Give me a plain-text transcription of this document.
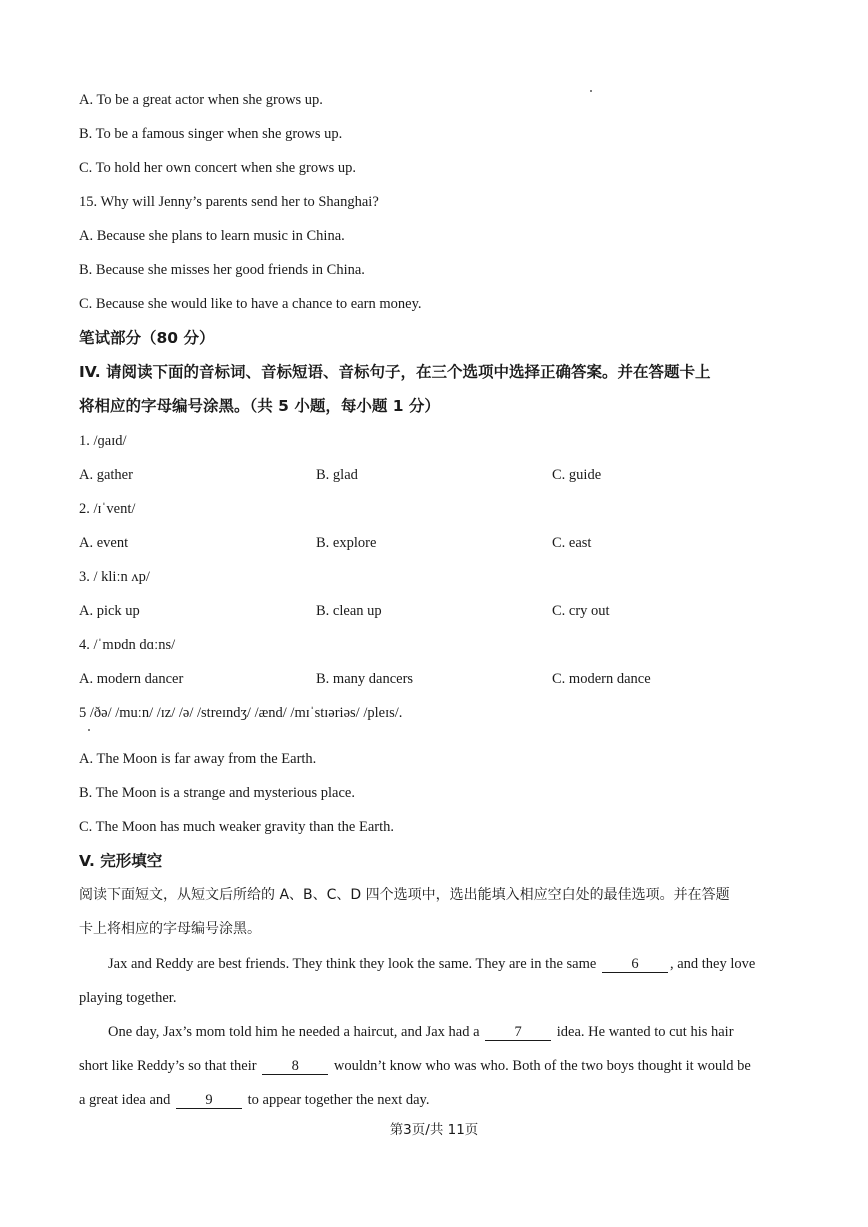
A. To be a great actor when she grows up.
B. To be a famous singer when she grows up.
C. To hold her own concert when she grows up.
15. Why will Jenny’s parents send her to Shanghai?
A. Because she plans to learn music in China.
B. Because she misses her good friends in China.
C. Because she would like to have a chance to earn money.
笔试部分（80 分）
IV. 请阅读下面的音标词、音标短语、音标句子，在三个选项中选择正确答案。并在答题卡上
将相应的字母编号涂黑。（共 5 小题，每小题 1 分）
1. /ɡaɪd/
A. gather	B. glad	C. guide
2. /ɪˈvent/
A. event	B. explore	C. east
3. / kliːn ʌp/
A. pick up	B. clean up	C. cry out
4. /ˈmɒdn dɑːns/
A. modern dancer	B. many dancers	C. modern dance
5 /ðə/ /muːn/ /ɪz/ /ə/ /streɪndʒ/ /ænd/ /mɪˈstɪəriəs/ /pleɪs/.
A. The Moon is far away from the Earth.
B. The Moon is a strange and mysterious place.
C. The Moon has much weaker gravity than the Earth.
V. 完形填空
阅读下面短文，从短文后所给的 A、B、C、D 四个选项中，选出能填入相应空白处的最佳选项。并在答题
卡上将相应的字母编号涂黑。
Jax and Reddy are best friends. They think they look the same. They are in the same 6 , and they love
playing together.
One day, Jax’s mom told him he needed a haircut, and Jax had a 7 idea. He wanted to cut his hair
short like Reddy’s so that their 8 wouldn’t know who was who. Both of the two boys thought it would be
a great idea and 9 to appear together the next day.
第3页/共 11页
